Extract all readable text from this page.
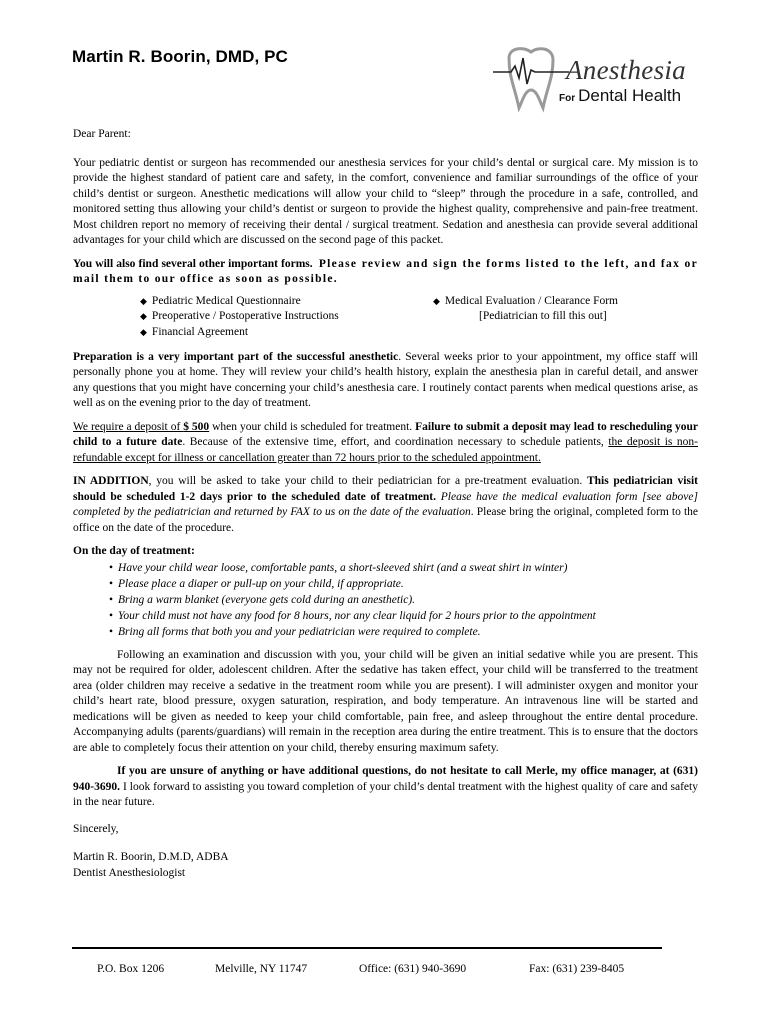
Martin R. Boorin, DMD, PC	Anesthesia
For Dental Health

Dear Parent:

Your pediatric dentist or surgeon has recommended our anesthesia services for your child’s dental or surgical care. My mission is to provide the highest standard of patient care and safety, in the comfort, convenience and familiar surroundings of the office of your child’s dentist or surgeon. Anesthetic medications will allow your child to “sleep” through the procedure in a safe, controlled, and monitored setting thus allowing your child’s dentist or surgeon to provide the highest quality, comprehensive and pain-free treatment. Most children report no memory of receiving their dental / surgical treatment. Sedation and anesthesia can provide several additional advantages for your child which are discussed on the second page of this packet.

You will also find several other important forms. Please review and sign the forms listed to the left, and fax or mail them to our office as soon as possible.

◆ Pediatric Medical Questionnaire
◆ Preoperative / Postoperative Instructions
◆ Financial Agreement
◆ Medical Evaluation / Clearance Form
[Pediatrician to fill this out]

Preparation is a very important part of the successful anesthetic. Several weeks prior to your appointment, my office staff will personally phone you at home. They will review your child’s health history, explain the anesthesia plan in careful detail, and answer any questions that you might have concerning your child’s anesthesia care. I routinely contact parents when medical questions arise, as well as on the evening prior to the day of treatment.

We require a deposit of $ 500 when your child is scheduled for treatment. Failure to submit a deposit may lead to rescheduling your child to a future date. Because of the extensive time, effort, and coordination necessary to schedule patients, the deposit is non-refundable except for illness or cancellation greater than 72 hours prior to the scheduled appointment.

IN ADDITION, you will be asked to take your child to their pediatrician for a pre-treatment evaluation. This pediatrician visit should be scheduled 1-2 days prior to the scheduled date of treatment. Please have the medical evaluation form [see above] completed by the pediatrician and returned by FAX to us on the date of the evaluation. Please bring the original, completed form to the office on the date of the procedure.

On the day of treatment:

• Have your child wear loose, comfortable pants, a short-sleeved shirt (and a sweat shirt in winter)
• Please place a diaper or pull-up on your child, if appropriate.
• Bring a warm blanket (everyone gets cold during an anesthetic).
• Your child must not have any food for 8 hours, nor any clear liquid for 2 hours prior to the appointment
• Bring all forms that both you and your pediatrician were required to complete.

Following an examination and discussion with you, your child will be given an initial sedative while you are present. This may not be required for older, adolescent children. After the sedative has taken effect, your child will be transferred to the treatment area (older children may receive a sedative in the treatment room while you are present). I will administer oxygen and monitor your child’s heart rate, blood pressure, oxygen saturation, respiration, and body temperature. An intravenous line will be started and medications will be given as needed to keep your child comfortable, pain free, and asleep throughout the entire dental procedure. Accompanying adults (parents/guardians) will remain in the reception area during the entire treatment. This is to ensure that the doctors are able to completely focus their attention on your child, thereby ensuring maximum safety.

If you are unsure of anything or have additional questions, do not hesitate to call Merle, my office manager, at (631) 940-3690. I look forward to assisting you toward completion of your child’s dental treatment with the highest quality of care and safety in the near future.

Sincerely,

Martin R. Boorin, D.M.D, ADBA

Dentist Anesthesiologist

P.O. Box 1206	Melville, NY 11747	Office: (631) 940-3690	Fax: (631) 239-8405
